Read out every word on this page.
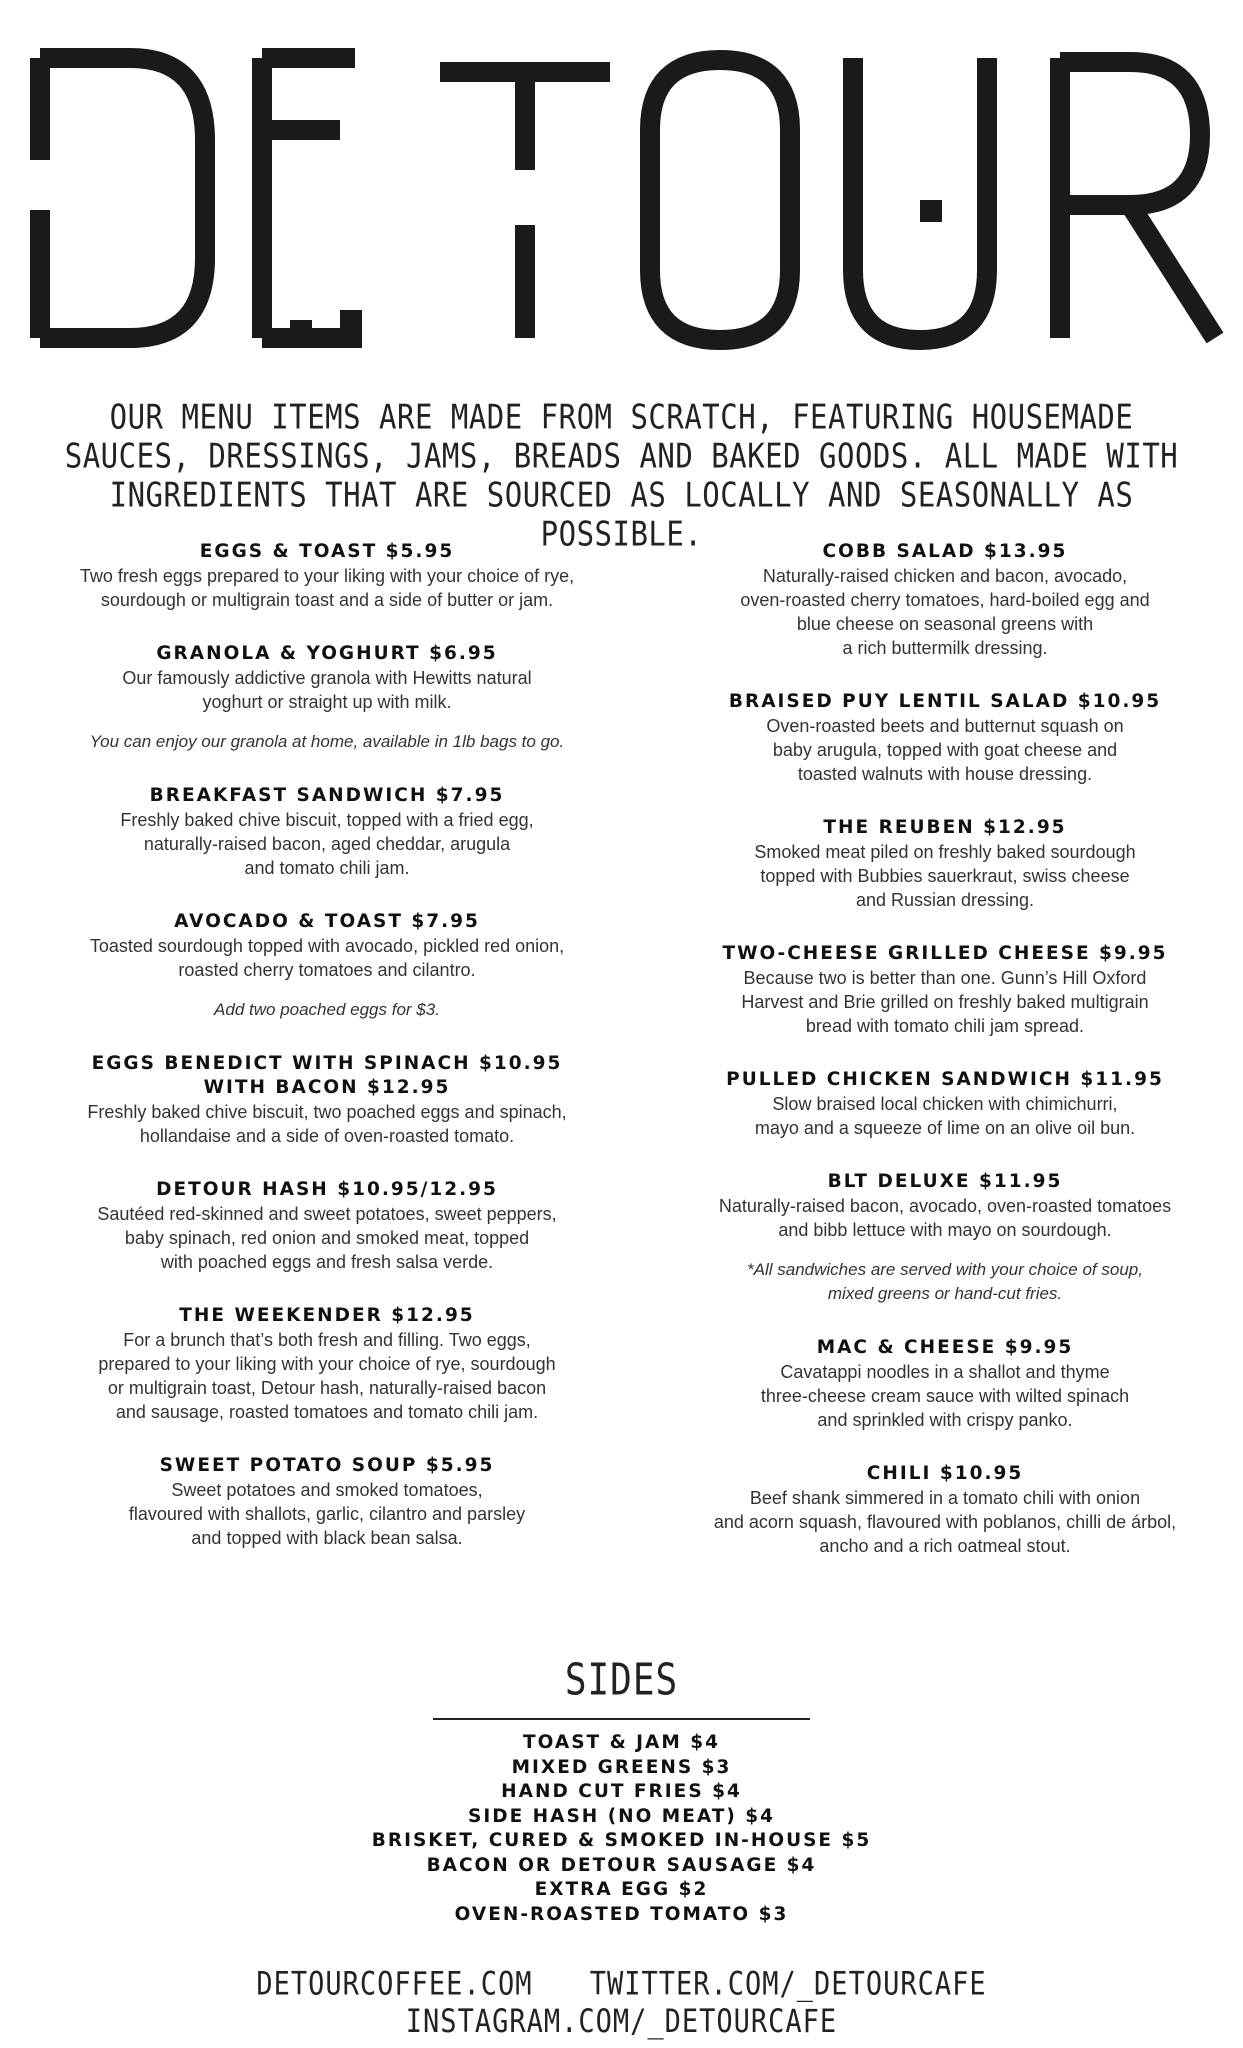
OUR MENU ITEMS ARE MADE FROM SCRATCH, FEATURING HOUSEMADE SAUCES, DRESSINGS, JAMS, BREADS AND BAKED GOODS. ALL MADE WITH INGREDIENTS THAT ARE SOURCED AS LOCALLY AND SEASONALLY AS POSSIBLE.
EGGS & TOAST $5.95
Two fresh eggs prepared to your liking with your choice of rye,
sourdough or multigrain toast and a side of butter or jam.
GRANOLA & YOGHURT $6.95
Our famously addictive granola with Hewitts natural
yoghurt or straight up with milk.
You can enjoy our granola at home, available in 1lb bags to go.
BREAKFAST SANDWICH $7.95
Freshly baked chive biscuit, topped with a fried egg,
naturally-raised bacon, aged cheddar, arugula
and tomato chili jam.
AVOCADO & TOAST $7.95
Toasted sourdough topped with avocado, pickled red onion,
roasted cherry tomatoes and cilantro.
Add two poached eggs for $3.
EGGS BENEDICT WITH SPINACH $10.95
WITH BACON $12.95
Freshly baked chive biscuit, two poached eggs and spinach,
hollandaise and a side of oven-roasted tomato.
DETOUR HASH $10.95/12.95
Sautéed red-skinned and sweet potatoes, sweet peppers,
baby spinach, red onion and smoked meat, topped
with poached eggs and fresh salsa verde.
THE WEEKENDER $12.95
For a brunch that’s both fresh and filling. Two eggs,
prepared to your liking with your choice of rye, sourdough
or multigrain toast, Detour hash, naturally-raised bacon
and sausage, roasted tomatoes and tomato chili jam.
SWEET POTATO SOUP $5.95
Sweet potatoes and smoked tomatoes,
flavoured with shallots, garlic, cilantro and parsley
and topped with black bean salsa.
COBB SALAD $13.95
Naturally-raised chicken and bacon, avocado,
oven-roasted cherry tomatoes, hard-boiled egg and
blue cheese on seasonal greens with
a rich buttermilk dressing.
BRAISED PUY LENTIL SALAD $10.95
Oven-roasted beets and butternut squash on
baby arugula, topped with goat cheese and
toasted walnuts with house dressing.
THE REUBEN $12.95
Smoked meat piled on freshly baked sourdough
topped with Bubbies sauerkraut, swiss cheese
and Russian dressing.
TWO-CHEESE GRILLED CHEESE $9.95
Because two is better than one. Gunn’s Hill Oxford
Harvest and Brie grilled on freshly baked multigrain
bread with tomato chili jam spread.
PULLED CHICKEN SANDWICH $11.95
Slow braised local chicken with chimichurri,
mayo and a squeeze of lime on an olive oil bun.
BLT DELUXE $11.95
Naturally-raised bacon, avocado, oven-roasted tomatoes
and bibb lettuce with mayo on sourdough.
*All sandwiches are served with your choice of soup,
mixed greens or hand-cut fries.
MAC & CHEESE $9.95
Cavatappi noodles in a shallot and thyme
three-cheese cream sauce with wilted spinach
and sprinkled with crispy panko.
CHILI $10.95
Beef shank simmered in a tomato chili with onion
and acorn squash, flavoured with poblanos, chilli de árbol,
ancho and a rich oatmeal stout.
SIDES
TOAST & JAM $4
MIXED GREENS $3
HAND CUT FRIES $4
SIDE HASH (NO MEAT) $4
BRISKET, CURED & SMOKED IN-HOUSE $5
BACON OR DETOUR SAUSAGE $4
EXTRA EGG $2
OVEN-ROASTED TOMATO $3
DETOURCOFFEE.COM TWITTER.COM/_DETOURCAFE INSTAGRAM.COM/_DETOURCAFE
